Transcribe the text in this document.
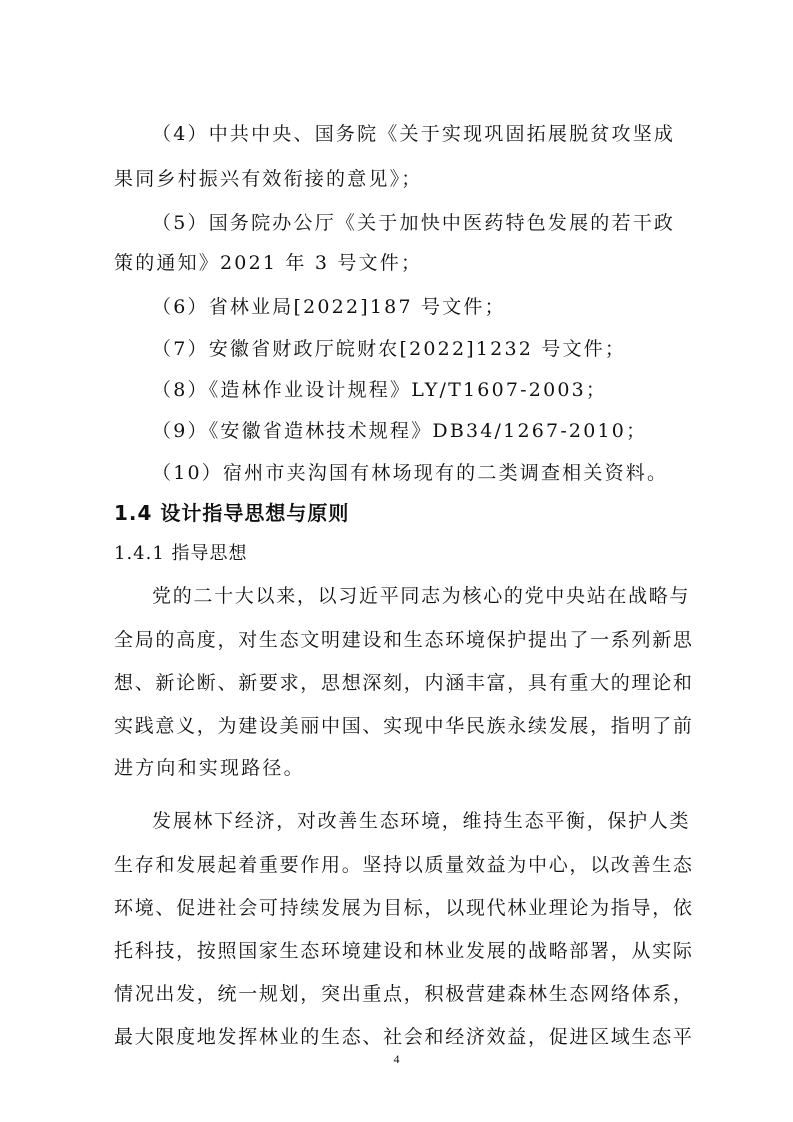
（4）中共中央、国务院《关于实现巩固拓展脱贫攻坚成
果同乡村振兴有效衔接的意见》；
（5）国务院办公厅《关于加快中医药特色发展的若干政
策的通知》2021 年 3 号文件；
（6）省林业局[2022]187 号文件；
（7）安徽省财政厅皖财农[2022]1232 号文件；
（8）《造林作业设计规程》LY/T1607-2003；
（9）《安徽省造林技术规程》DB34/1267-2010；
（10）宿州市夹沟国有林场现有的二类调查相关资料。
1.4 设计指导思想与原则
1.4.1 指导思想
党的二十大以来，以习近平同志为核心的党中央站在战略与
全局的高度，对生态文明建设和生态环境保护提出了一系列新思
想、新论断、新要求，思想深刻，内涵丰富，具有重大的理论和
实践意义，为建设美丽中国、实现中华民族永续发展，指明了前
进方向和实现路径。
发展林下经济，对改善生态环境，维持生态平衡，保护人类
生存和发展起着重要作用。坚持以质量效益为中心，以改善生态
环境、促进社会可持续发展为目标，以现代林业理论为指导，依
托科技，按照国家生态环境建设和林业发展的战略部署，从实际
情况出发，统一规划，突出重点，积极营建森林生态网络体系，
最大限度地发挥林业的生态、社会和经济效益，促进区域生态平
4
